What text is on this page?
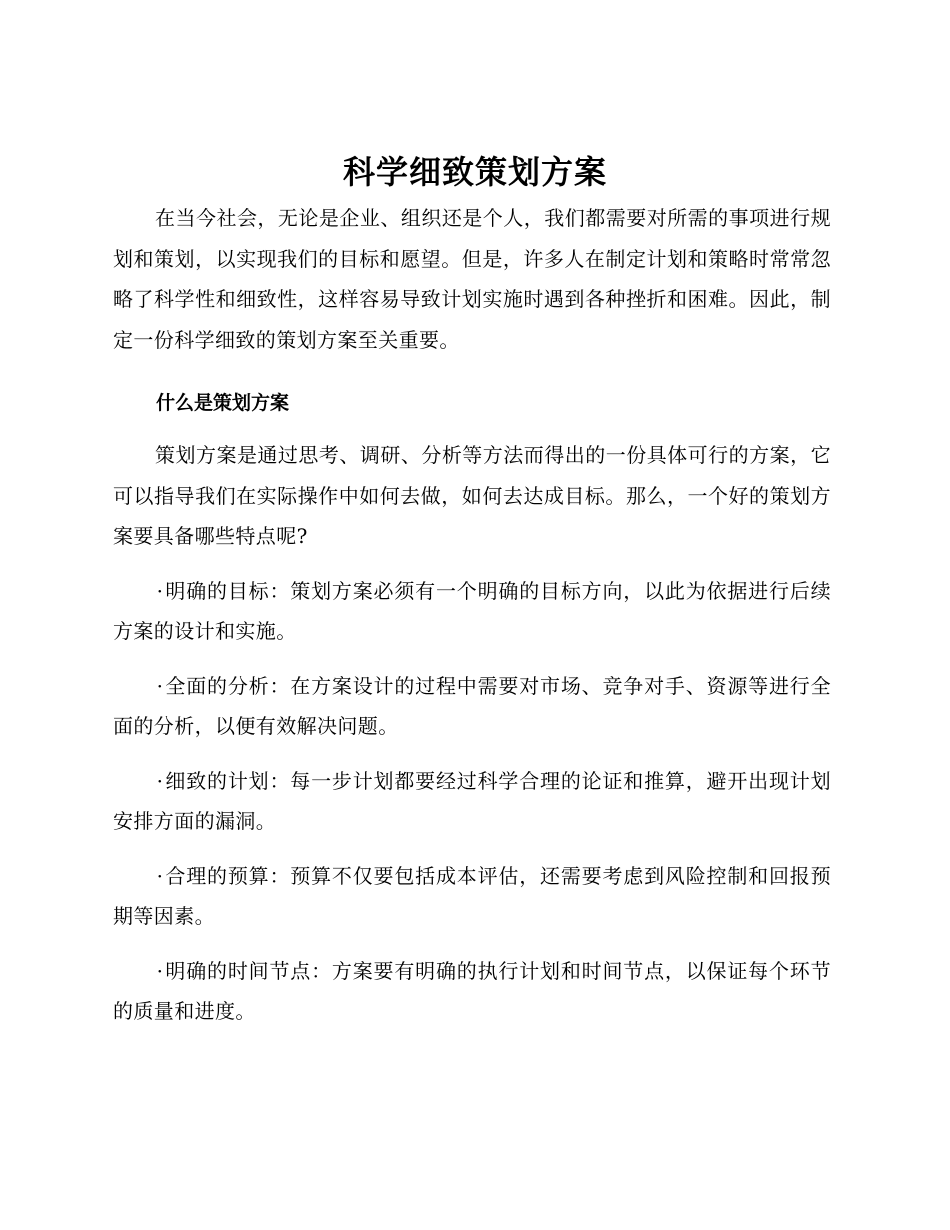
科学细致策划方案

在当今社会，无论是企业、组织还是个人，我们都需要对所需的事项进行规划和策划，以实现我们的目标和愿望。但是，许多人在制定计划和策略时常常忽略了科学性和细致性，这样容易导致计划实施时遇到各种挫折和困难。因此，制定一份科学细致的策划方案至关重要。

什么是策划方案

策划方案是通过思考、调研、分析等方法而得出的一份具体可行的方案，它可以指导我们在实际操作中如何去做，如何去达成目标。那么，一个好的策划方案要具备哪些特点呢?

·明确的目标：策划方案必须有一个明确的目标方向，以此为依据进行后续方案的设计和实施。

·全面的分析：在方案设计的过程中需要对市场、竞争对手、资源等进行全面的分析，以便有效解决问题。

·细致的计划：每一步计划都要经过科学合理的论证和推算，避开出现计划安排方面的漏洞。

·合理的预算：预算不仅要包括成本评估，还需要考虑到风险控制和回报预期等因素。

·明确的时间节点：方案要有明确的执行计划和时间节点，以保证每个环节的质量和进度。
